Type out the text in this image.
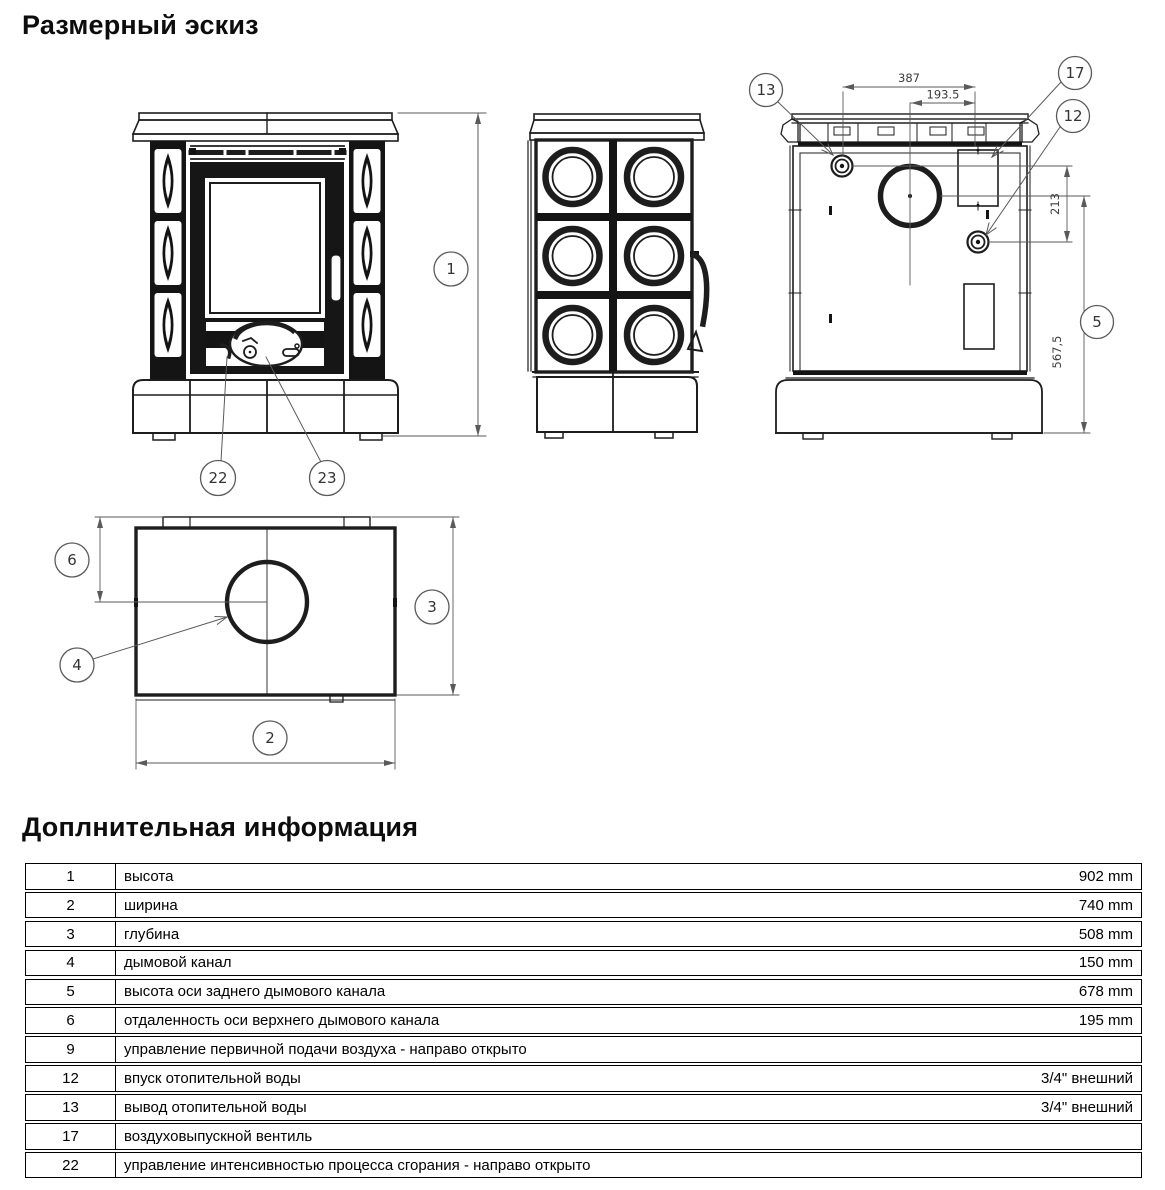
Размерный эскиз
1
22	23
387
193.5
213
567,5
13
17
12
5
6
4
3
2
Доплнительная информация
1	высота	902 mm
2	ширина	740 mm
3	глубина	508 mm
4	дымовой канал	150 mm
5	высота оси заднего дымового канала	678 mm
6	отдаленность оси верхнего дымового канала	195 mm
9	управление первичной подачи воздуха - направо открыто
12	впуск отопительной воды	3/4" внешний
13	вывод отопительной воды	3/4" внешний
17	воздуховыпускной вентиль
22	управление интенсивностью процесса сгорания - направо открыто
